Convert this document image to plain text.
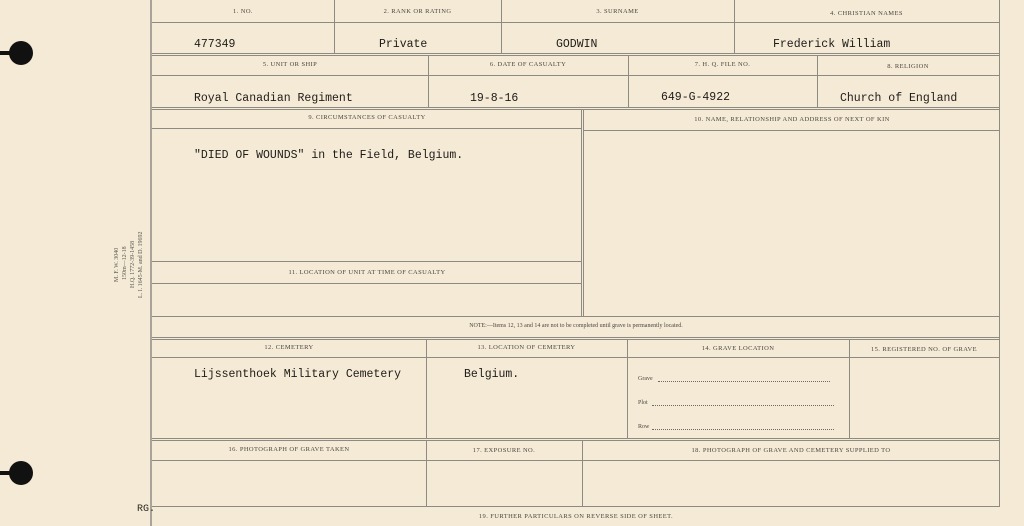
M. F. W. 3040 150m—12-18 H.Q. 1772-39-1458 L. I. 1645-M. and D. 19692
1. NO.	2. RANK OR RATING	3. SURNAME	4. CHRISTIAN NAMES
477349	Private	GODWIN	Frederick William
5. UNIT OR SHIP	6. DATE OF CASUALTY	7. H. Q. FILE NO.	8. RELIGION
Royal Canadian Regiment	19-8-16	649-G-4922	Church of England
9. CIRCUMSTANCES OF CASUALTY	10. NAME, RELATIONSHIP AND ADDRESS OF NEXT OF KIN
"DIED OF WOUNDS" in the Field, Belgium.
11. LOCATION OF UNIT AT TIME OF CASUALTY
NOTE:—Items 12, 13 and 14 are not to be completed until grave is permanently located.
12. CEMETERY	13. LOCATION OF CEMETERY	14. GRAVE LOCATION	15. REGISTERED NO. OF GRAVE
Lijssenthoek Military Cemetery	Belgium.	Grave
Plot
Row
16. PHOTOGRAPH OF GRAVE TAKEN	17. EXPOSURE NO.	18. PHOTOGRAPH OF GRAVE AND CEMETERY SUPPLIED TO
19. FURTHER PARTICULARS ON REVERSE SIDE OF SHEET.
RG.
